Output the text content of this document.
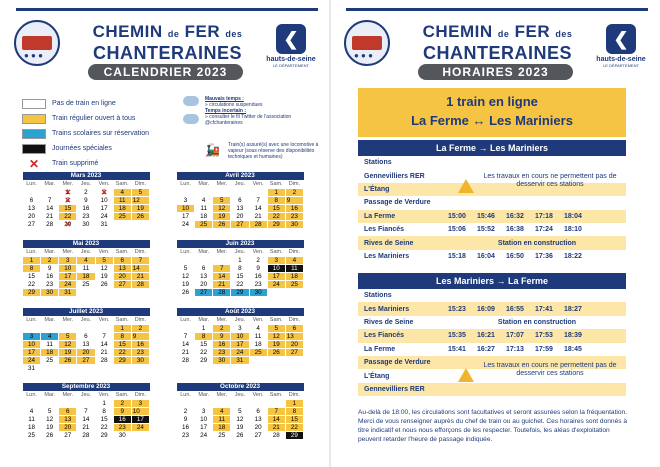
● ● ●
CHEMIN de FER des
CHANTERAINES
CALENDRIER 2023
❮
hauts-de-seine
LE DÉPARTEMENT
Pas de train en ligne
Train régulier ouvert à tous
Trains scolaires sur réservation
Journées spéciales
✕	Train supprimé
Mauvais temps :
» circulations suspendues

Temps incertain :
» consulter le fil Twitter de l'association @cfchanteraines
🚂 Train(s) assuré(s) avec une locomotive à vapeur (sous réserve des disponibilités techniques et humaines)
Mars 2023						
Lun.	Mar.	Mer.	Jeu.	Ven.	Sam.	Dim.
		1 ✕	2	3 ✕	4	5
6	7	8 ✕	9	10	11	12
13	14	15	16	17	18	19
20	21	22	23	24	25	26
27	28	29 ✕	30	31		
Avril 2023						
Lun.	Mar.	Mer.	Jeu.	Ven.	Sam.	Dim.
					1	2
3	4	5	6	7	8	9
10	11	12	13	14	15	16
17	18	19	20	21	22	23
24	25	26	27	28	29	30
Mai 2023						
Lun.	Mar.	Mer.	Jeu.	Ven.	Sam.	Dim.
1	2	3	4	5	6	7
8	9	10	11	12	13	14
15	16	17	18	19	20	21
22	23	24	25	26	27	28
29	30	31				
Juin 2023						
Lun.	Mar.	Mer.	Jeu.	Ven.	Sam.	Dim.
			1	2	3	4
5	6	7	8	9	10	11
12	13	14	15	16	17	18
19	20	21	22	23	24	25
26	27	28	29	30		
Juillet 2023						
Lun.	Mar.	Mer.	Jeu.	Ven.	Sam.	Dim.
					1	2
3	4	5	6	7	8	9
10	11	12	13	14	15	16
17	18	19	20	21	22	23
24	25	26	27	28	29	30
31						
Août 2023						
Lun.	Mar.	Mer.	Jeu.	Ven.	Sam.	Dim.
	1	2	3	4	5	6
7	8	9	10	11	12	13
14	15	16	17	18	19	20
21	22	23	24	25	26	27
28	29	30	31			
Septembre 2023						
Lun.	Mar.	Mer.	Jeu.	Ven.	Sam.	Dim.
				1	2	3
4	5	6	7	8	9	10
11	12	13	14	15	16	17
18	19	20	21	22	23	24
25	26	27	28	29	30	
Octobre 2023						
Lun.	Mar.	Mer.	Jeu.	Ven.	Sam.	Dim.
						1
2	3	4	5	6	7	8
9	10	11	12	13	14	15
16	17	18	19	20	21	22
23	24	25	26	27	28	29
● ● ●
CHEMIN de FER des
CHANTERAINES
HORAIRES 2023
❮
hauts-de-seine
LE DÉPARTEMENT
1 train en ligne
La Ferme ↔ Les Mariniers
La Ferme → Les Mariniers
Stations
Gennevilliers RER
L'Étang
Passage de Verdure
La Ferme	15:00	15:46	16:32	17:18	18:04
Les Fiancés	15:06	15:52	16:38	17:24	18:10
Rives de Seine	Station en construction
Les Mariniers	15:18	16:04	16:50	17:36	18:22
Les travaux en cours ne permettent pas de desservir ces stations
Les Mariniers → La Ferme
Stations
Les Mariniers	15:23	16:09	16:55	17:41	18:27
Rives de Seine	Station en construction
Les Fiancés	15:35	16:21	17:07	17:53	18:39
La Ferme	15:41	16:27	17:13	17:59	18:45
Passage de Verdure
L'Étang
Gennevilliers RER
Les travaux en cours ne permettent pas de desservir ces stations
Au-delà de 18:00, les circulations sont facultatives et seront assurées selon la fréquentation. Merci de vous renseigner auprès du chef de train ou au guichet. Ces horaires sont donnés à titre indicatif et nous nous efforçons de les respecter. Toutefois, les aléas d'exploitation peuvent retarder l'heure de passage indiquée.
